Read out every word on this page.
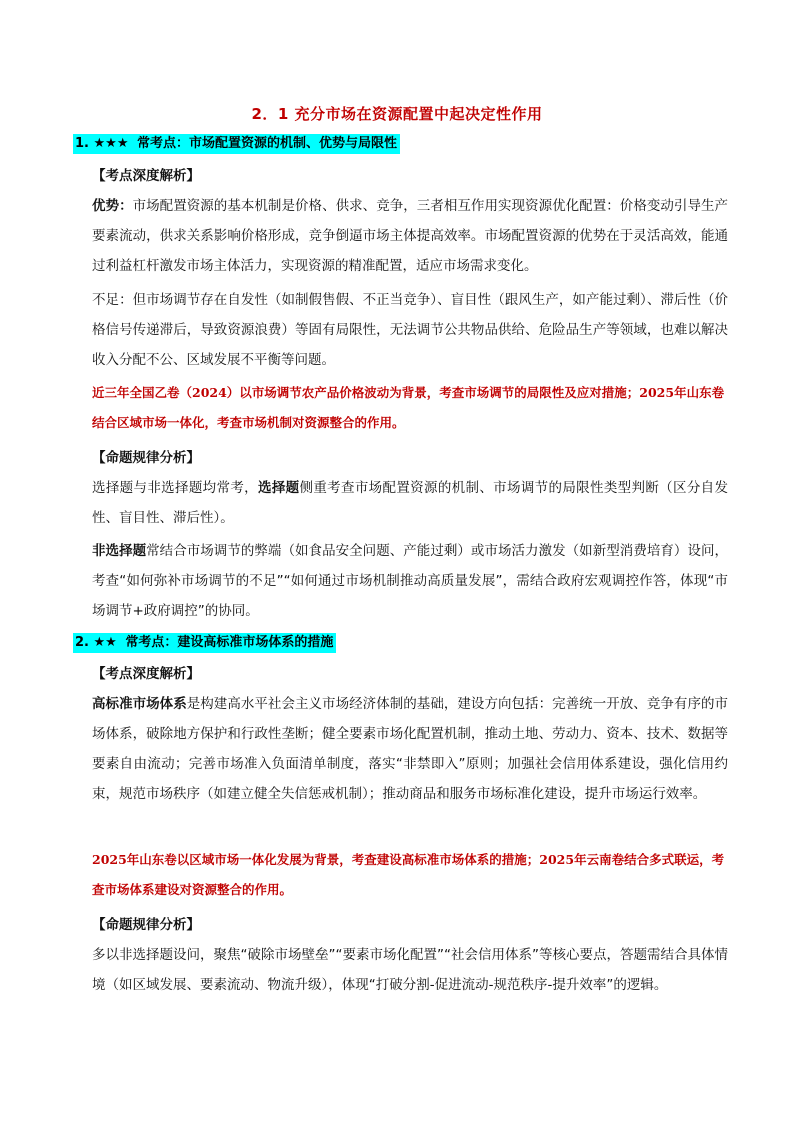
2．1 充分市场在资源配置中起决定性作用
1. ★★★ 常考点：市场配置资源的机制、优势与局限性
【考点深度解析】
优势：市场配置资源的基本机制是价格、供求、竞争，三者相互作用实现资源优化配置：价格变动引导生产要素流动，供求关系影响价格形成，竞争倒逼市场主体提高效率。市场配置资源的优势在于灵活高效，能通过利益杠杆激发市场主体活力，实现资源的精准配置，适应市场需求变化。
不足：但市场调节存在自发性（如制假售假、不正当竞争）、盲目性（跟风生产，如产能过剩）、滞后性（价格信号传递滞后，导致资源浪费）等固有局限性，无法调节公共物品供给、危险品生产等领域，也难以解决收入分配不公、区域发展不平衡等问题。
近三年全国乙卷（2024）以市场调节农产品价格波动为背景，考查市场调节的局限性及应对措施；2025年山东卷结合区域市场一体化，考查市场机制对资源整合的作用。
【命题规律分析】
选择题与非选择题均常考，选择题侧重考查市场配置资源的机制、市场调节的局限性类型判断（区分自发性、盲目性、滞后性）。
非选择题常结合市场调节的弊端（如食品安全问题、产能过剩）或市场活力激发（如新型消费培育）设问，考查“如何弥补市场调节的不足”“如何通过市场机制推动高质量发展”，需结合政府宏观调控作答，体现“市场调节+政府调控”的协同。
2. ★★ 常考点：建设高标准市场体系的措施
【考点深度解析】
高标准市场体系是构建高水平社会主义市场经济体制的基础，建设方向包括：完善统一开放、竞争有序的市场体系，破除地方保护和行政性垄断；健全要素市场化配置机制，推动土地、劳动力、资本、技术、数据等要素自由流动；完善市场准入负面清单制度，落实“非禁即入”原则；加强社会信用体系建设，强化信用约束，规范市场秩序（如建立健全失信惩戒机制）；推动商品和服务市场标准化建设，提升市场运行效率。
2025年山东卷以区域市场一体化发展为背景，考查建设高标准市场体系的措施；2025年云南卷结合多式联运，考查市场体系建设对资源整合的作用。
【命题规律分析】
多以非选择题设问，聚焦“破除市场壁垒”“要素市场化配置”“社会信用体系”等核心要点，答题需结合具体情境（如区域发展、要素流动、物流升级），体现“打破分割-促进流动-规范秩序-提升效率”的逻辑。
